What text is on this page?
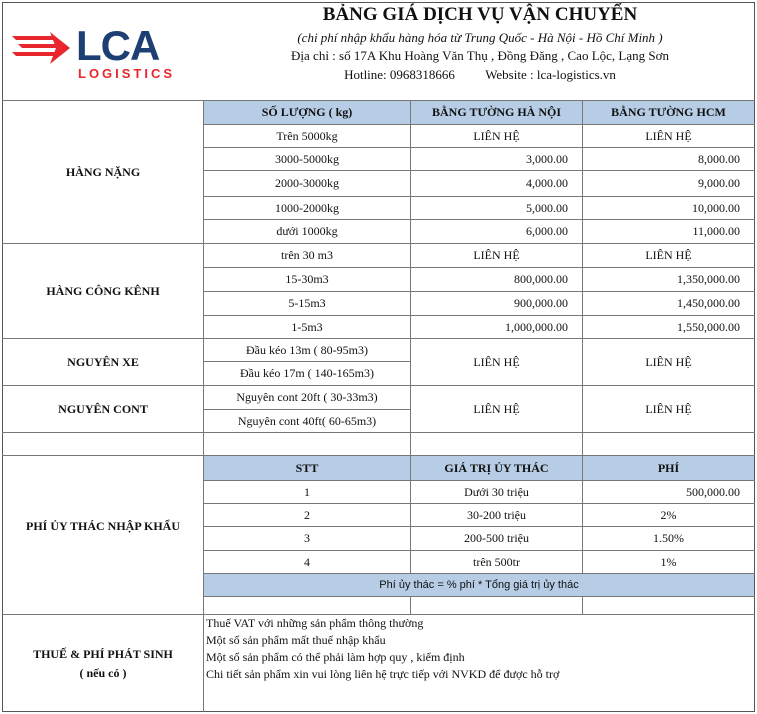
LCA
LOGISTICS
BẢNG GIÁ DỊCH VỤ VẬN CHUYỂN
(chi phí nhập khẩu hàng hóa từ Trung Quốc - Hà Nội - Hồ Chí Minh )
Địa chỉ : số 17A Khu Hoàng Văn Thụ , Đồng Đăng , Cao Lộc, Lạng Sơn
Hotline: 0968318666 Website : lca-logistics.vn
SỐ LƯỢNG ( kg)	BẰNG TƯỜNG HÀ NỘI	BẰNG TƯỜNG HCM
HÀNG NẶNG
Trên 5000kg	LIÊN HỆ	LIÊN HỆ
3000-5000kg	3,000.00	8,000.00
2000-3000kg	4,000.00	9,000.00
1000-2000kg	5,000.00	10,000.00
dưới 1000kg	6,000.00	11,000.00
HÀNG CÔNG KÊNH
trên 30 m3	LIÊN HỆ	LIÊN HỆ
15-30m3	800,000.00	1,350,000.00
5-15m3	900,000.00	1,450,000.00
1-5m3	1,000,000.00	1,550,000.00
NGUYÊN XE
Đầu kéo 13m ( 80-95m3)
Đầu kéo 17m ( 140-165m3)
LIÊN HỆ	LIÊN HỆ
NGUYÊN CONT
Nguyên cont 20ft ( 30-33m3)
Nguyên cont 40ft( 60-65m3)
LIÊN HỆ	LIÊN HỆ
PHÍ ỦY THÁC NHẬP KHẨU
STT	GIÁ TRỊ ỦY THÁC	PHÍ
1	Dưới 30 triệu	500,000.00
2	30-200 triệu	2%
3	200-500 triệu	1.50%
4	trên 500tr	1%
Phí ủy thác = % phí * Tổng giá trị ủy thác
THUẾ & PHÍ PHÁT SINH
( nếu có )
Thuế VAT với những sản phẩm thông thường
Một số sản phẩm mất thuế nhập khẩu
Một số sản phẩm có thể phải làm hợp quy , kiểm định
Chi tiết sản phẩm xin vui lòng liên hệ trực tiếp với NVKD để được hỗ trợ
